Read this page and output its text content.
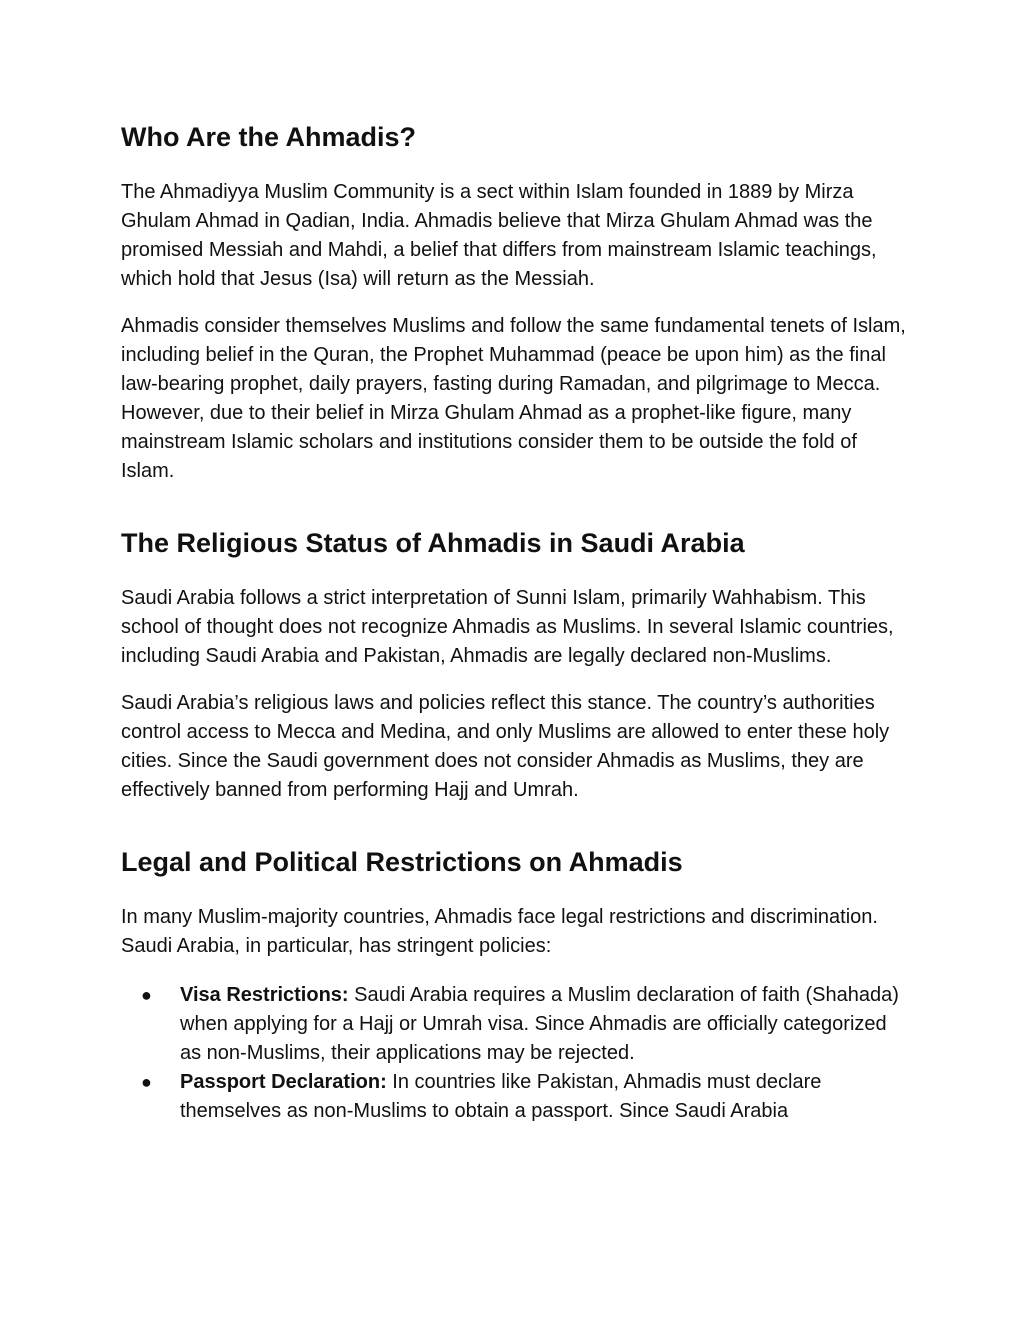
Who Are the Ahmadis?

The Ahmadiyya Muslim Community is a sect within Islam founded in 1889 by Mirza Ghulam Ahmad in Qadian, India. Ahmadis believe that Mirza Ghulam Ahmad was the promised Messiah and Mahdi, a belief that differs from mainstream Islamic teachings, which hold that Jesus (Isa) will return as the Messiah.

Ahmadis consider themselves Muslims and follow the same fundamental tenets of Islam, including belief in the Quran, the Prophet Muhammad (peace be upon him) as the final law-bearing prophet, daily prayers, fasting during Ramadan, and pilgrimage to Mecca. However, due to their belief in Mirza Ghulam Ahmad as a prophet-like figure, many mainstream Islamic scholars and institutions consider them to be outside the fold of Islam.

The Religious Status of Ahmadis in Saudi Arabia

Saudi Arabia follows a strict interpretation of Sunni Islam, primarily Wahhabism. This school of thought does not recognize Ahmadis as Muslims. In several Islamic countries, including Saudi Arabia and Pakistan, Ahmadis are legally declared non-Muslims.

Saudi Arabia’s religious laws and policies reflect this stance. The country’s authorities control access to Mecca and Medina, and only Muslims are allowed to enter these holy cities. Since the Saudi government does not consider Ahmadis as Muslims, they are effectively banned from performing Hajj and Umrah.

Legal and Political Restrictions on Ahmadis

In many Muslim-majority countries, Ahmadis face legal restrictions and discrimination. Saudi Arabia, in particular, has stringent policies:

● Visa Restrictions: Saudi Arabia requires a Muslim declaration of faith (Shahada) when applying for a Hajj or Umrah visa. Since Ahmadis are officially categorized as non-Muslims, their applications may be rejected.
● Passport Declaration: In countries like Pakistan, Ahmadis must declare themselves as non-Muslims to obtain a passport. Since Saudi Arabia
